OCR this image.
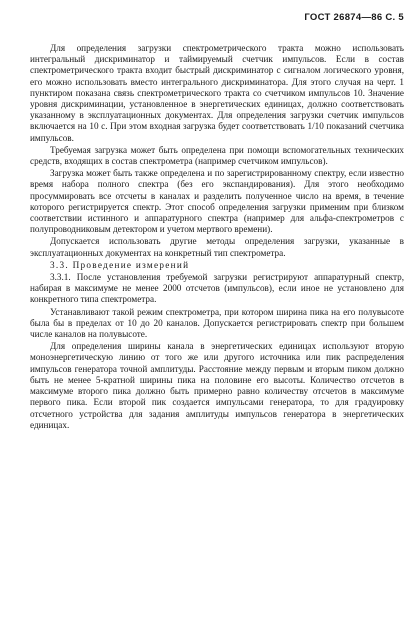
ГОСТ 26874—86 С. 5

Для определения загрузки спектрометрического тракта можно использовать интегральный дискриминатор и таймируемый счетчик импульсов. Если в состав спектрометрического тракта входит быстрый дискриминатор с сигналом логического уровня, его можно использовать вместо интегрального дискриминатора. Для этого случая на черт. 1 пунктиром показана связь спектрометрического тракта со счетчиком импульсов 10. Значение уровня дискриминации, установленное в энергетических единицах, должно соответствовать указанному в эксплуатационных документах. Для определения загрузки счетчик импульсов включается на 10 с. При этом входная загрузка будет соответствовать 1/10 показаний счетчика импульсов.

Требуемая загрузка может быть определена при помощи вспомогательных технических средств, входящих в состав спектрометра (например счетчиком импульсов).

Загрузка может быть также определена и по зарегистрированному спектру, если известно время набора полного спектра (без его экспандирования). Для этого необходимо просуммировать все отсчеты в каналах и разделить полученное число на время, в течение которого регистрируется спектр. Этот способ определения загрузки применим при близком соответствии истинного и аппаратурного спектра (например для альфа-спектрометров с полупроводниковым детектором и учетом мертвого времени).

Допускается использовать другие методы определения загрузки, указанные в эксплуатационных документах на конкретный тип спектрометра.

3.3. Проведение измерений

3.3.1. После установления требуемой загрузки регистрируют аппаратурный спектр, набирая в максимуме не менее 2000 отсчетов (импульсов), если иное не установлено для конкретного типа спектрометра.

Устанавливают такой режим спектрометра, при котором ширина пика на его полувысоте была бы в пределах от 10 до 20 каналов. Допускается регистрировать спектр при большем числе каналов на полувысоте.

Для определения ширины канала в энергетических единицах используют вторую моноэнергетическую линию от того же или другого источника или пик распределения импульсов генератора точной амплитуды. Расстояние между первым и вторым пиком должно быть не менее 5-кратной ширины пика на половине его высоты. Количество отсчетов в максимуме второго пика должно быть примерно равно количеству отсчетов в максимуме первого пика. Если второй пик создается импульсами генератора, то для градуировку отсчетного устройства для задания амплитуды импульсов генератора в энергетических единицах.
